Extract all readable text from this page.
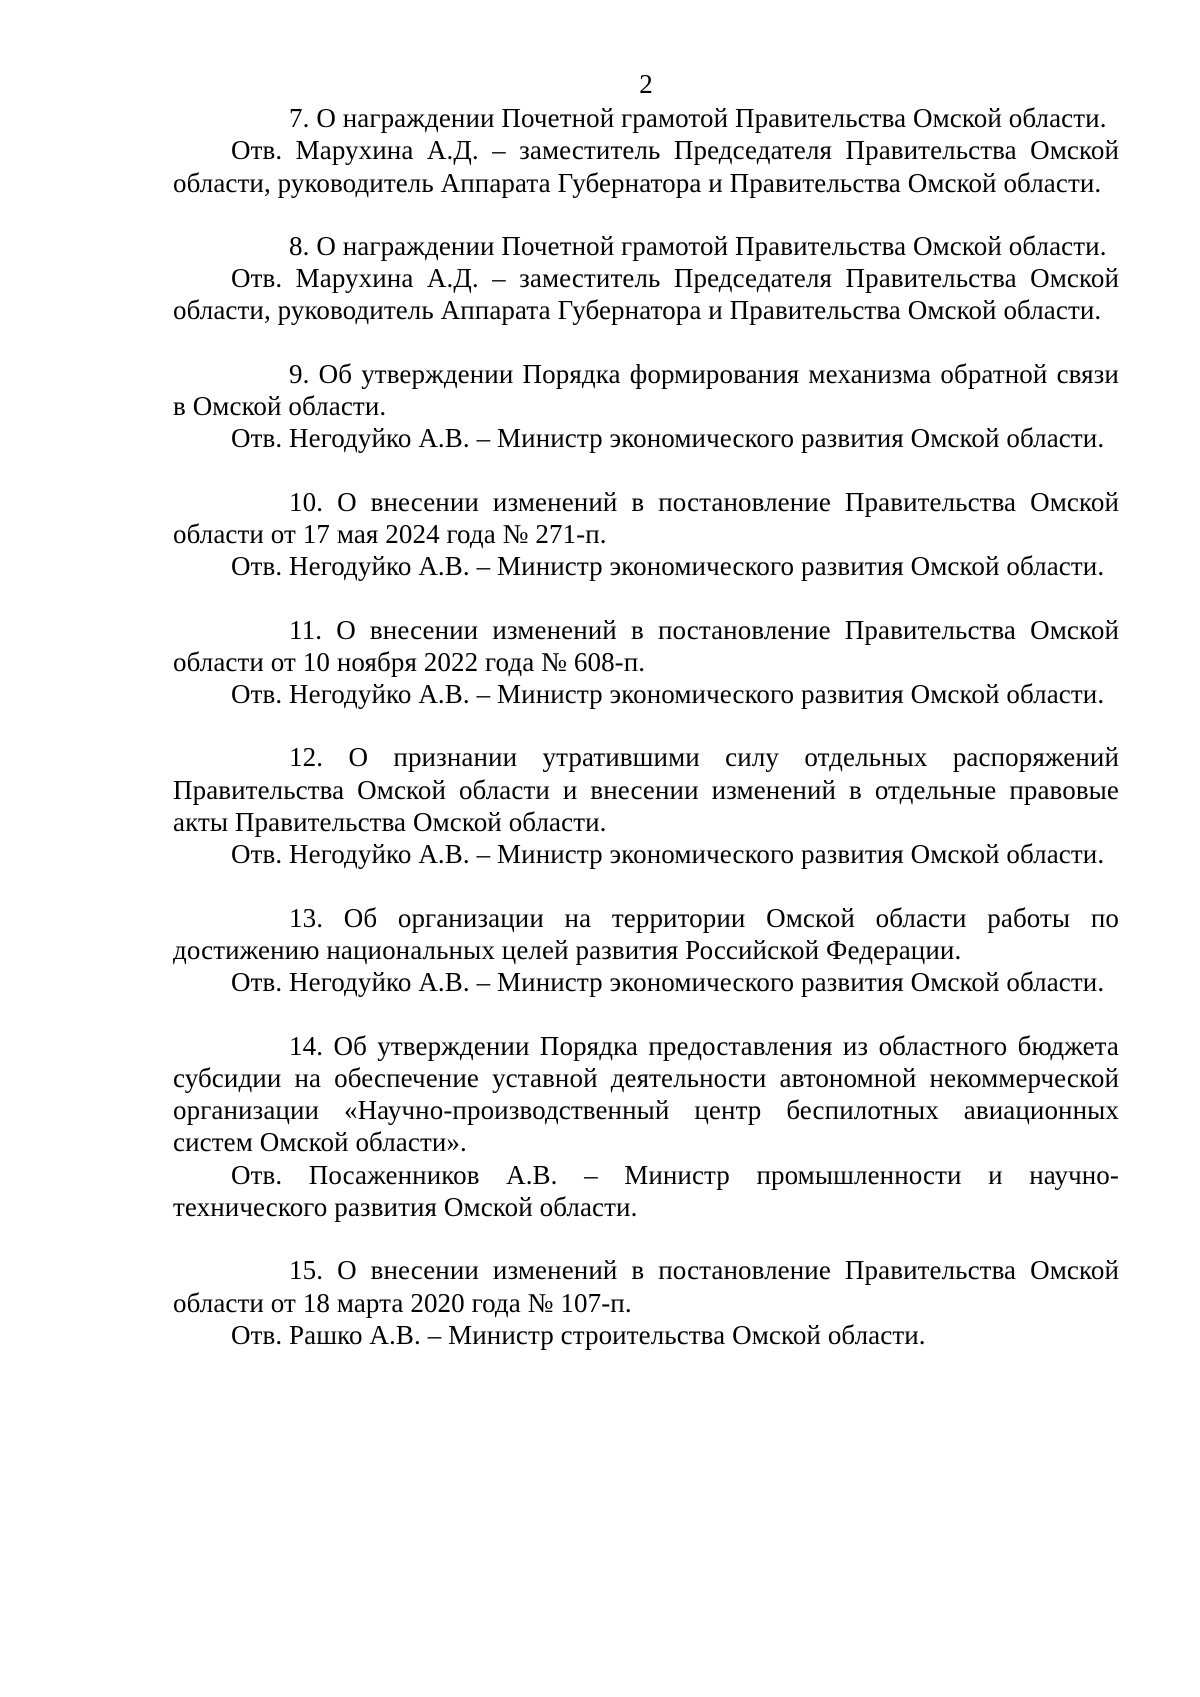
2

7. О награждении Почетной грамотой Правительства Омской области.

Отв. Марухина А.Д. – заместитель Председателя Правительства Омской области, руководитель Аппарата Губернатора и Правительства Омской области.

8. О награждении Почетной грамотой Правительства Омской области.

Отв. Марухина А.Д. – заместитель Председателя Правительства Омской области, руководитель Аппарата Губернатора и Правительства Омской области.

9. Об утверждении Порядка формирования механизма обратной связи в Омской области.

Отв. Негодуйко А.В. – Министр экономического развития Омской области.

10. О внесении изменений в постановление Правительства Омской области от 17 мая 2024 года № 271-п.

Отв. Негодуйко А.В. – Министр экономического развития Омской области.

11. О внесении изменений в постановление Правительства Омской области от 10 ноября 2022 года № 608-п.

Отв. Негодуйко А.В. – Министр экономического развития Омской области.

12. О признании утратившими силу отдельных распоряжений Правительства Омской области и внесении изменений в отдельные правовые акты Правительства Омской области.

Отв. Негодуйко А.В. – Министр экономического развития Омской области.

13. Об организации на территории Омской области работы по достижению национальных целей развития Российской Федерации.

Отв. Негодуйко А.В. – Министр экономического развития Омской области.

14. Об утверждении Порядка предоставления из областного бюджета субсидии на обеспечение уставной деятельности автономной некоммерческой организации «Научно-производственный центр беспилотных авиационных систем Омской области».

Отв. Посаженников А.В. – Министр промышленности и научно-технического развития Омской области.

15. О внесении изменений в постановление Правительства Омской области от 18 марта 2020 года № 107-п.

Отв. Рашко А.В. – Министр строительства Омской области.
